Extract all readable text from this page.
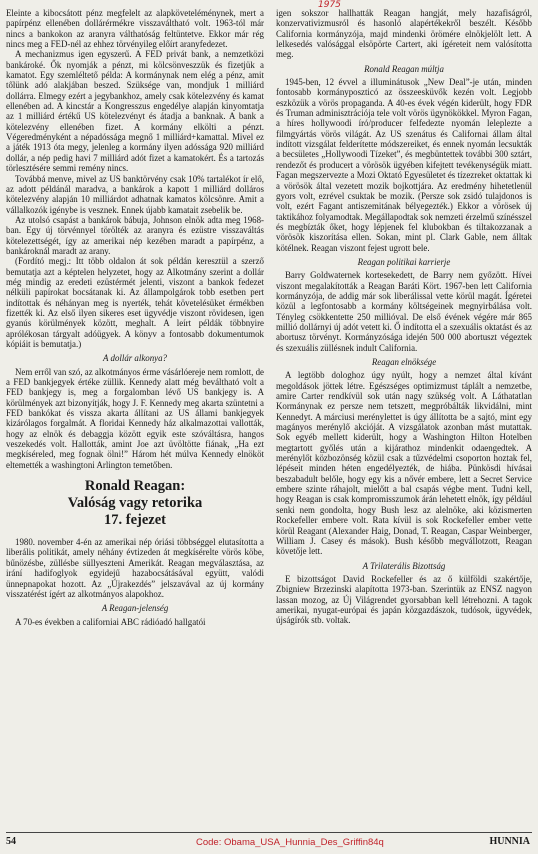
1975

Eleinte a kibocsátott pénz megfelelt az alapköveteléménynek, mert a papírpénz ellenében dollárérmékre visszaváltható volt. 1963-tól már nincs a bankokon az aranyra válthatóság feltüntetve. Ekkor már rég nincs meg a FED-nél az ehhez törvényileg előírt aranyfedezet.

A mechanizmus igen egyszerű. A FED privát bank, a nemzetközi bankároké. Ők nyomják a pénzt, mi kölcsönveszzük és fizetjük a kamatot. Egy szemléltető példa: A kormánynak nem elég a pénz, amit tőlünk adó alakjában beszed. Szüksége van, mondjuk 1 milliárd dollárra. Elmegy ezért a jegybankhoz, amely csak kötelezvény és kamat ellenében ad. A kincstár a Kongresszus engedélye alapján kinyomtatja az 1 milliárd értékű US kötelezvényt és átadja a banknak. A bank a kötelezvény ellenében fizet. A kormány elkölti a pénzt. Végeredményként a népadóssága megnő 1 milliárd+kamattal. Mivel ez a játék 1913 óta megy, jelenleg a kormány ilyen adóssága 920 milliárd dollár, a nép pedig havi 7 milliárd adót fizet a kamatokért. És a tartozás törlesztésére semmi remény nincs.

Továbbá menve, mivel az US banktörvény csak 10% tartalékot ír elő, az adott példánál maradva, a bankárok a kapott 1 milliárd dolláros kötelezvény alapján 10 milliárdot adhatnak kamatos kölcsönre. Amit a vállalkozók igénybe is vesznek. Ennek újabb kamatait zsebelik be.

Az utolsó csapást a bankárok bábuja, Johnson elnök adta meg 1968-ban. Egy új törvénnyel törölték az aranyra és ezüstre visszaváltás kötelezettségét, így az amerikai nép kezében maradt a papírpénz, a bankároknál maradt az arany.

(Fordító megj.: Itt több oldalon át sok példán keresztül a szerző bemutatja azt a képtelen helyzetet, hogy az Alkotmány szerint a dollár még mindig az eredeti ezüstérmét jelenti, viszont a bankok fedezet nélküli papírokat bocsátanak ki. Az állampolgárok tobb esetben pert indítottak és néhányan meg is nyerték, tehát követelésüket érmékben fizették ki. Az első ilyen sikeres eset ügyvédje viszont rövidesen, igen gyanús körülmények között, meghalt. A leírt példák többnyire aprólékosan tárgyalt adóügyek. A könyv a fontosabb dokumentumok kópiáit is bemutatja.)

A dollár alkonya?

Nem erről van szó, az alkotmányos érme vásárlóereje nem romlott, de a FED bankjegyek értéke züllik. Kennedy alatt még beváltható volt a FED bankjegy is, meg a forgalomban lévő US bankjegy is. A körülmények azt bizonyítják, hogy J. F. Kennedy meg akarta szüntetni a FED bankókat és vissza akarta állítani az US állami bankjegyek kizárólagos forgalmát. A floridai Kennedy ház alkalmazottai vallották, hogy az elnök és debaggja között egyik este szóváltásra, hangos veszekedés volt. Hallották, amint Joe azt üvöltötte fiának, „Ha ezt megkíséreled, meg fognak ölni!” Három hét múlva Kennedy elnököt eltemették a washingtoni Arlington temetőben.

Ronald Reagan:
Valóság vagy retorika
17. fejezet

1980. november 4-én az amerikai nép óriási többséggel elutasította a liberális politikát, amely néhány évtizeden át megkísérelte vörös köbe, bűnözésbe, züllésbe süllyeszteni Amerikát. Reagan megválasztása, az irání hadifoglyok egyidejű hazabocsátásával együtt, valódi ünnepnapokat hozott. Az „Újrakezdés” jelszavával az új kormány visszatérést ígért az alkotmányos alapokhoz.

A Reagan-jelenség

A 70-es években a californiai ABC rádióadó hallgatói

igen sokszor hallhatták Reagan hangját, mely hazafiságról, konzervativizmusról és hasonló alapértékekről beszélt. Később California kormányzója, majd mindenki örömére elnökjelölt lett. A lelkesedés valósággal elsöpörte Cartert, aki ígéreteit nem valósította meg.

Ronald Reagan múltja

1945-ben, 12 évvel a illuminátusok „New Deal”-je után, minden fontosabb kormányposzticó az összeesküvők kezén volt. Legjobb eszközük a vörös propaganda. A 40-es évek végén kiderült, hogy FDR és Truman adminisztrációja tele volt vörös ügynökökkel. Myron Fagan, a híres hollywoodi író/producer felfedezte nyomán leleplezte a filmgyártás vörös világát. Az US szenátus és Californai állam által indított vizsgálat felderítette módszereiket, és ennek nyomán lecsukták a becsületes „Hollywoodi Tízeket”, és megbüntettek további 300 sztárt, rendezőt és producert a vörösök ügyében kifejtett tevékenységük miatt. Fagan megszervezte a Mozi Oktató Egyesületet és tízezreket oktattak ki a vörösök által vezetett mozik bojkottjára. Az eredmény hihetetlenül gyors volt, ezrével csuktak be mozik. (Persze sok zsidó tulajdonos is volt, ezért Fagant antiszemitának bélyegezték.) Ekkor a vörösek új taktikához folyamodtak. Megállapodtak sok nemzeti érzelmű színésszel és megbízták őket, hogy lépjenek fel klubokban és tiltakozzanak a vörösök kiszorítása ellen. Sokan, mint pl. Clark Gable, nem álltak kötélnek. Reagan viszont fejest ugrott bele.

Reagan politikai karrierje

Barry Goldwaternek kortesekedett, de Barry nem győzött. Hívei viszont megalakították a Reagan Baráti Kört. 1967-ben lett California kormányzója, de addig már sok liberálissal vette körül magát. Ígéretei közül a legfontosabb a kormány költségeinek megnyirbálása volt. Tényleg csökkentette 250 millióval. De első évének végére már 865 millió dollárnyi új adót vetett ki. Ő indította el a szexuális oktatást és az abortusz törvényt. Kormányzósága idején 500 000 abortuszt végeztek és szexuális züllésnek indult California.

Reagan elnöksége

A legtöbb dologhoz úgy nyúlt, hogy a nemzet által kívánt megoldások jöttek létre. Egészséges optimizmust táplált a nemzetbe, amire Carter rendkívül sok után nagy szükség volt. A Láthatatlan Kormánynak ez persze nem tetszett, megpróbálták likvidálni, mint Kennedyt. A márciusi merénylettet is úgy állította be a sajtó, mint egy magányos merénylő akcióját. A vizsgálatok azonban mást mutattak. Sok egyéb mellett kiderült, hogy a Washington Hilton Hotelben megtartott győlés után a kijárathoz mindenkit odaengedtek. A merénylőt közbozönség közül csak a tűzvédelmi csoporton hoztak fel, lépéseit minden héten engedélyezték, de hiába. Pünkösdi hívásai beszabadult belőle, hogy egy kis a nővér embere, lett a Secret Service embere szinte ráhajolt, mielőtt a bal csapás végbe ment. Tudni kell, hogy Reagan is csak kompromisszumok árán lehetett elnök, így például senki nem gondolta, hogy Bush lesz az alelnöke, aki közismerten Rockefeller embere volt. Rata kívül is sok Rockefeller ember vette körül Reagant (Alexander Haig, Donad, T. Reagan, Caspar Weinberger, William J. Casey és mások). Bush később megvállotzott, Reagan követője lett.

A Trilaterális Bizottság

E bizottságot David Rockefeller és az ő külföldi szakértője, Zbigniew Brzezinski alapította 1973-ban. Szerintük az ENSZ nagyon lassan mozog, az Új Világrendet gyorsabban kell létrehozni. A tagok amerikai, nyugat-európai és japán közgazdászok, tudósok, ügyvédek, újságírók stb. voltak.

54	Code: Obama_USA_Hunnia_Des_Griffin84q	HUNNIA
